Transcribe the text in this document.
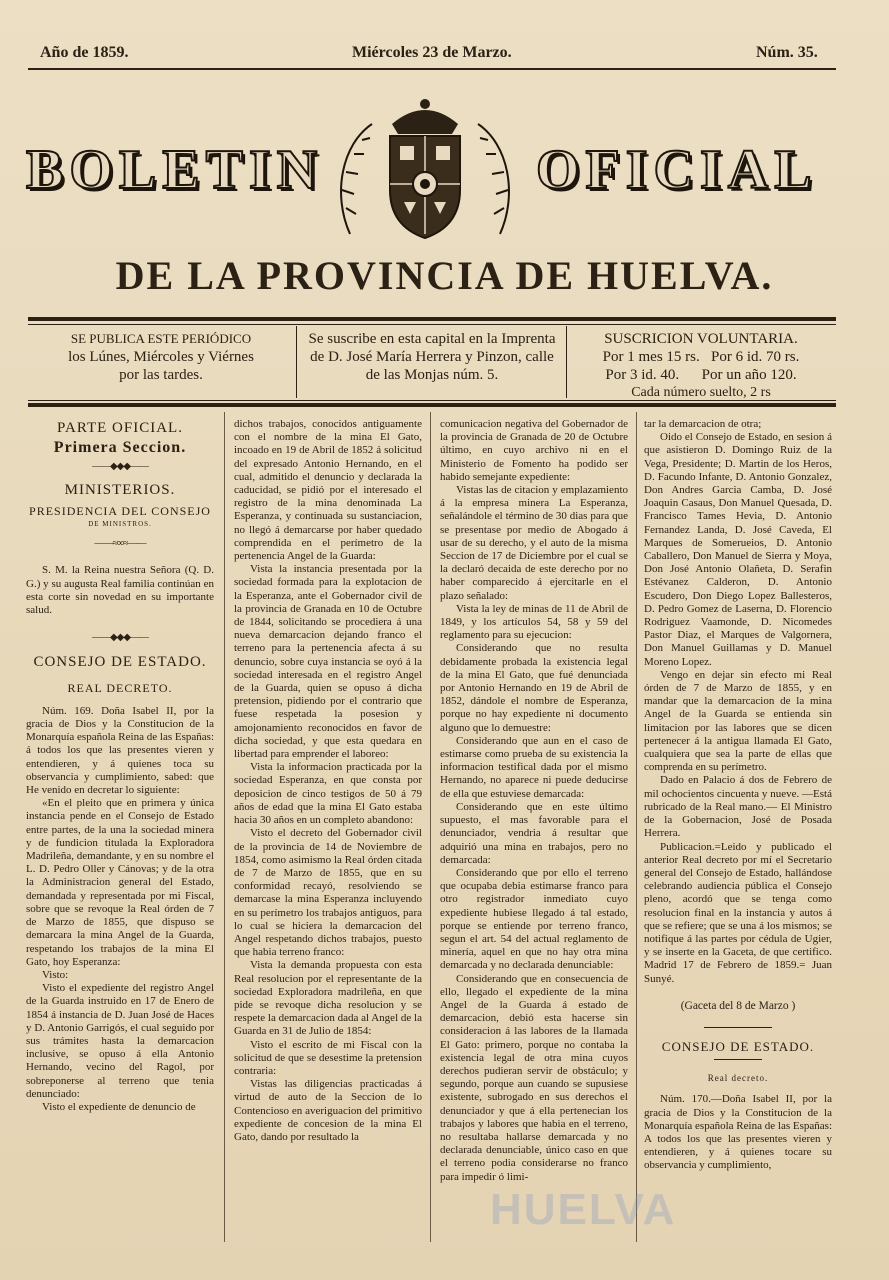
Año de 1859.	Miércoles 23 de Marzo.	Núm. 35.
BOLETIN	OFICIAL
DE LA PROVINCIA DE HUELVA.
SE PUBLICA ESTE PERIÓDICO
los Lúnes, Miércoles y Viérnes
por las tardes.
Se suscribe en esta capital en la Imprenta
de D. José María Herrera y Pinzon, calle
de las Monjas núm. 5.
SUSCRICION VOLUNTARIA.
Por 1 mes 15 rs.   Por 6 id. 70 rs.
Por 3 id. 40.      Por un año 120.
Cada número suelto, 2 rs
PARTE OFICIAL.
Primera Seccion.
——◆◆◆——
MINISTERIOS.
PRESIDENCIA DEL CONSEJO
DE MINISTROS.
——≈∞≈——

S. M. la Reina nuestra Señora (Q. D. G.) y su augusta Real familia continúan en esta corte sin novedad en su importante salud.

——◆◆◆——
CONSEJO DE ESTADO.
REAL DECRETO.

Núm. 169. Doña Isabel II, por la gracia de Dios y la Constitucion de la Monarquía española Reina de las Españas: á todos los que las presentes vieren y entendieren, y á quienes toca su observancia y cumplimiento, sabed: que He venido en decretar lo siguiente:

«En el pleito que en primera y única instancia pende en el Consejo de Estado entre partes, de la una la sociedad minera y de fundicion titulada la Exploradora Madrileña, demandante, y en su nombre el L. D. Pedro Oller y Cánovas; y de la otra la Administracion general del Estado, demandada y representada por mi Fiscal, sobre que se revoque la Real órden de 7 de Marzo de 1855, que dispuso se demarcara la mina Angel de la Guarda, respetando los trabajos de la mina El Gato, hoy Esperanza:

Visto:

Visto el expediente del registro Angel de la Guarda instruido en 17 de Enero de 1854 á instancia de D. Juan José de Haces y D. Antonio Garrigós, el cual seguido por sus trámites hasta la demarcacion inclusive, se opuso á ella Antonio Hernando, vecino del Ragol, por sobreponerse al terreno que tenia denunciado:

Visto el expediente de denuncio de

dichos trabajos, conocidos antiguamente con el nombre de la mina El Gato, incoado en 19 de Abril de 1852 á solicitud del expresado Antonio Hernando, en el cual, admitido el denuncio y declarada la caducidad, se pidió por el interesado el registro de la mina denominada La Esperanza, y continuada su sustanciacion, no llegó á demarcarse por haber quedado comprendida en el perímetro de la pertenencia Angel de la Guarda:

Vista la instancia presentada por la sociedad formada para la explotacion de la Esperanza, ante el Gobernador civil de la provincia de Granada en 10 de Octubre de 1844, solicitando se procediera á una nueva demarcacion dejando franco el terreno para la pertenencia afecta á su denuncio, sobre cuya instancia se oyó á la sociedad interesada en el registro Angel de la Guarda, quien se opuso á dicha pretension, pidiendo por el contrario que fuese respetada la posesion y amojonamiento reconocidos en favor de dicha sociedad, y que esta quedara en libertad para emprender el laboreo:

Vista la informacion practicada por la sociedad Esperanza, en que consta por deposicion de cinco testigos de 50 á 79 años de edad que la mina El Gato estaba hacia 30 años en un completo abandono:

Visto el decreto del Gobernador civil de la provincia de 14 de Noviembre de 1854, como asimismo la Real órden citada de 7 de Marzo de 1855, que en su conformidad recayó, resolviendo se demarcase la mina Esperanza incluyendo en su perímetro los trabajos antiguos, para lo cual se hiciera la demarcacion del Angel respetando dichos trabajos, puesto que habia terreno franco:

Vista la demanda propuesta con esta Real resolucion por el representante de la sociedad Exploradora madrileña, en que pide se revoque dicha resolucion y se respete la demarcacion dada al Angel de la Guarda en 31 de Julio de 1854:

Visto el escrito de mi Fiscal con la solicitud de que se desestime la pretension contraria:

Vistas las diligencias practicadas á virtud de auto de la Seccion de lo Contencioso en averiguacion del primitivo expediente de concesion de la mina El Gato, dando por resultado la

comunicacion negativa del Gobernador de la provincia de Granada de 20 de Octubre último, en cuyo archivo ni en el Ministerio de Fomento ha podido ser habido semejante expediente:

Vistas las de citacion y emplazamiento á la empresa minera La Esperanza, señalándole el término de 30 dias para que se presentase por medio de Abogado á usar de su derecho, y el auto de la misma Seccion de 17 de Diciembre por el cual se la declaró decaida de este derecho por no haber comparecido á ejercitarle en el plazo señalado:

Vista la ley de minas de 11 de Abril de 1849, y los artículos 54, 58 y 59 del reglamento para su ejecucion:

Considerando que no resulta debidamente probada la existencia legal de la mina El Gato, que fué denunciada por Antonio Hernando en 19 de Abril de 1852, dándole el nombre de Esperanza, porque no hay expediente ni documento alguno que lo demuestre:

Considerando que aun en el caso de estimarse como prueba de su existencia la informacion testifical dada por el mismo Hernando, no aparece ni puede deducirse de ella que estuviese demarcada:

Considerando que en este último supuesto, el mas favorable para el denunciador, vendria á resultar que adquirió una mina en trabajos, pero no demarcada:

Considerando que por ello el terreno que ocupaba debia estimarse franco para otro registrador inmediato cuyo expediente hubiese llegado á tal estado, porque se entiende por terreno franco, segun el art. 54 del actual reglamento de minería, aquel en que no hay otra mina demarcada y no declarada denunciable:

Considerando que en consecuencia de ello, llegado el expediente de la mina Angel de la Guarda á estado de demarcacion, debió esta hacerse sin consideracion á las labores de la llamada El Gato: primero, porque no contaba la existencia legal de otra mina cuyos derechos pudieran servir de obstáculo; y segundo, porque aun cuando se supusiese existente, subrogado en sus derechos el denunciador y que á ella pertenecian los trabajos y labores que habia en el terreno, no resultaba hallarse demarcada y no declarada denunciable, único caso en que el terreno podia considerarse no franco para impedir ó limi-

tar la demarcacion de otra;

Oido el Consejo de Estado, en sesion á que asistieron D. Domingo Ruiz de la Vega, Presidente; D. Martin de los Heros, D. Facundo Infante, D. Antonio Gonzalez, Don Andres Garcia Camba, D. José Joaquin Casaus, Don Manuel Quesada, D. Francisco Tames Hevia, D. Antonio Fernandez Landa, D. José Caveda, El Marques de Somerueios, D. Antonio Caballero, Don Manuel de Sierra y Moya, Don José Antonio Olañeta, D. Serafin Estévanez Calderon, D. Antonio Escudero, Don Diego Lopez Ballesteros, D. Pedro Gomez de Laserna, D. Florencio Rodriguez Vaamonde, D. Nicomedes Pastor Diaz, el Marques de Valgornera, Don Manuel Guillamas y D. Manuel Moreno Lopez.

Vengo en dejar sin efecto mi Real órden de 7 de Marzo de 1855, y en mandar que la demarcacion de la mina Angel de la Guarda se entienda sin limitacion por las labores que se dicen pertenecer á la antigua llamada El Gato, cualquiera que sea la parte de ellas que comprenda en su perímetro.

Dado en Palacio á dos de Febrero de mil ochocientos cincuenta y nueve. —Está rubricado de la Real mano.— El Ministro de la Gobernacion, José de Posada Herrera.

Publicacion.=Leido y publicado el anterior Real decreto por mí el Secretario general del Consejo de Estado, hallándose celebrando audiencia pública el Consejo pleno, acordó que se tenga como resolucion final en la instancia y autos á que se refiere; que se una á los mismos; se notifique á las partes por cédula de Ugier, y se inserte en la Gaceta, de que certifico. Madrid 17 de Febrero de 1859.= Juan Sunyé.

(Gaceta del 8 de Marzo )

CONSEJO DE ESTADO.
Real decreto.

Núm. 170.—Doña Isabel II, por la gracia de Dios y la Constitucion de la Monarquía española Reina de las Españas: A todos los que las presentes vieren y entendieren, y á quienes tocare su observancia y cumplimiento,

HUELVA
